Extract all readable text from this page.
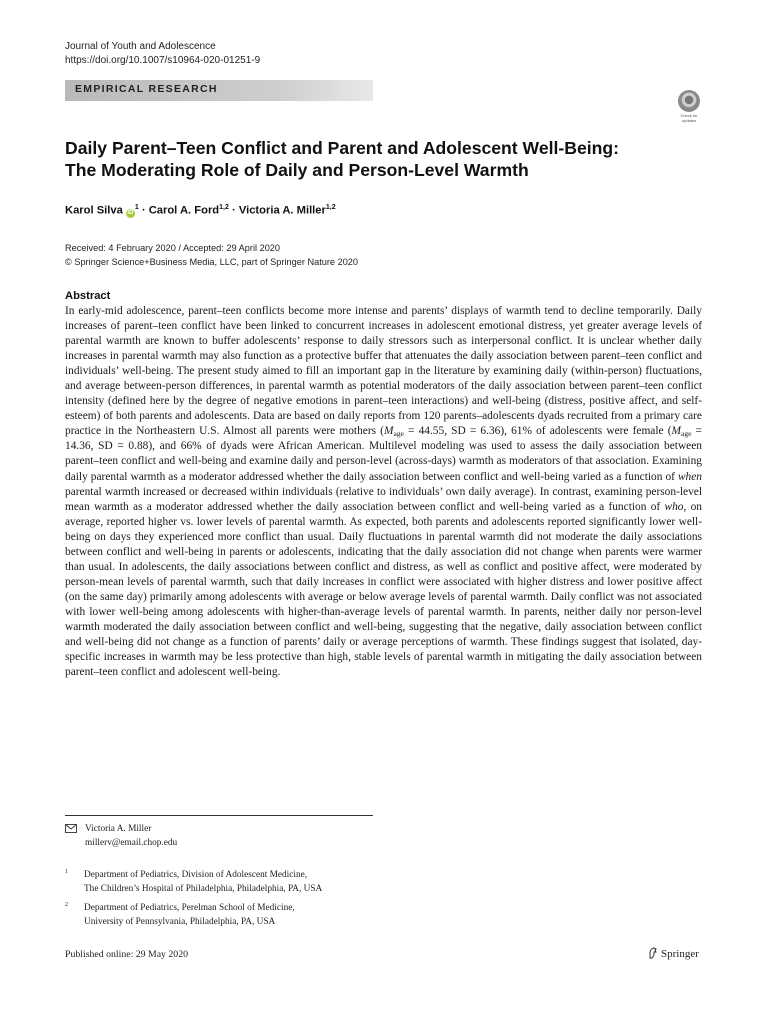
Journal of Youth and Adolescence
https://doi.org/10.1007/s10964-020-01251-9
EMPIRICAL RESEARCH
Check for updates
Daily Parent–Teen Conflict and Parent and Adolescent Well-Being:
The Moderating Role of Daily and Person-Level Warmth
Karol Silva $iD^1$ · Carol A. Ford$^{1,2}$ · Victoria A. Miller$^{1,2}$
Received: 4 February 2020 / Accepted: 29 April 2020
© Springer Science+Business Media, LLC, part of Springer Nature 2020
Abstract

In early-mid adolescence, parent–teen conflicts become more intense and parents’ displays of warmth tend to decline temporarily. Daily increases of parent–teen conflict have been linked to concurrent increases in adolescent emotional distress, yet greater average levels of parental warmth are known to buffer adolescents’ response to daily stressors such as interpersonal conflict. It is unclear whether daily increases in parental warmth may also function as a protective buffer that attenuates the daily association between parent–teen conflict and individuals’ well-being. The present study aimed to fill an important gap in the literature by examining daily (within-person) fluctuations, and average between-person differences, in parental warmth as potential moderators of the daily association between parent–teen conflict intensity (defined here by the degree of negative emotions in parent–teen interactions) and well-being (distress, positive affect, and self-esteem) of both parents and adolescents. Data are based on daily reports from 120 parents–adolescents dyads recruited from a primary care practice in the Northeastern U.S. Almost all parents were mothers ($M_{age} = 44.55$, SD = 6.36), 61% of adolescents were female ($M_{age} = 14.36$, SD = 0.88), and 66% of dyads were African American. Multilevel modeling was used to assess the daily association between parent–teen conflict and well-being and examine daily and person-level (across-days) warmth as moderators of that association. Examining daily parental warmth as a moderator addressed whether the daily association between conflict and well-being varied as a function of when parental warmth increased or decreased within individuals (relative to individuals’ own daily average). In contrast, examining person-level mean warmth as a moderator addressed whether the daily association between conflict and well-being varied as a function of who, on average, reported higher vs. lower levels of parental warmth. As expected, both parents and adolescents reported significantly lower well-being on days they experienced more conflict than usual. Daily fluctuations in parental warmth did not moderate the daily associations between conflict and well-being in parents or adolescents, indicating that the daily association did not change when parents were warmer than usual. In adolescents, the daily associations between conflict and distress, as well as conflict and positive affect, were moderated by person-mean levels of parental warmth, such that daily increases in conflict were associated with higher distress and lower positive affect (on the same day) primarily among adolescents with average or below average levels of parental warmth. Daily conflict was not associated with lower well-being among adolescents with higher-than-average levels of parental warmth. In parents, neither daily nor person-level warmth moderated the daily association between conflict and well-being, suggesting that the negative, daily association between conflict and well-being did not change as a function of parents’ daily or average perceptions of warmth. These findings suggest that isolated, day-specific increases in warmth may be less protective than high, stable levels of parental warmth in mitigating the daily association between parent–teen conflict and adolescent well-being.

Victoria A. Miller
millerv@email.chop.edu
1 Department of Pediatrics, Division of Adolescent Medicine,
The Children’s Hospital of Philadelphia, Philadelphia, PA, USA
2 Department of Pediatrics, Perelman School of Medicine,
University of Pennsylvania, Philadelphia, PA, USA
Published online: 29 May 2020	Springer
